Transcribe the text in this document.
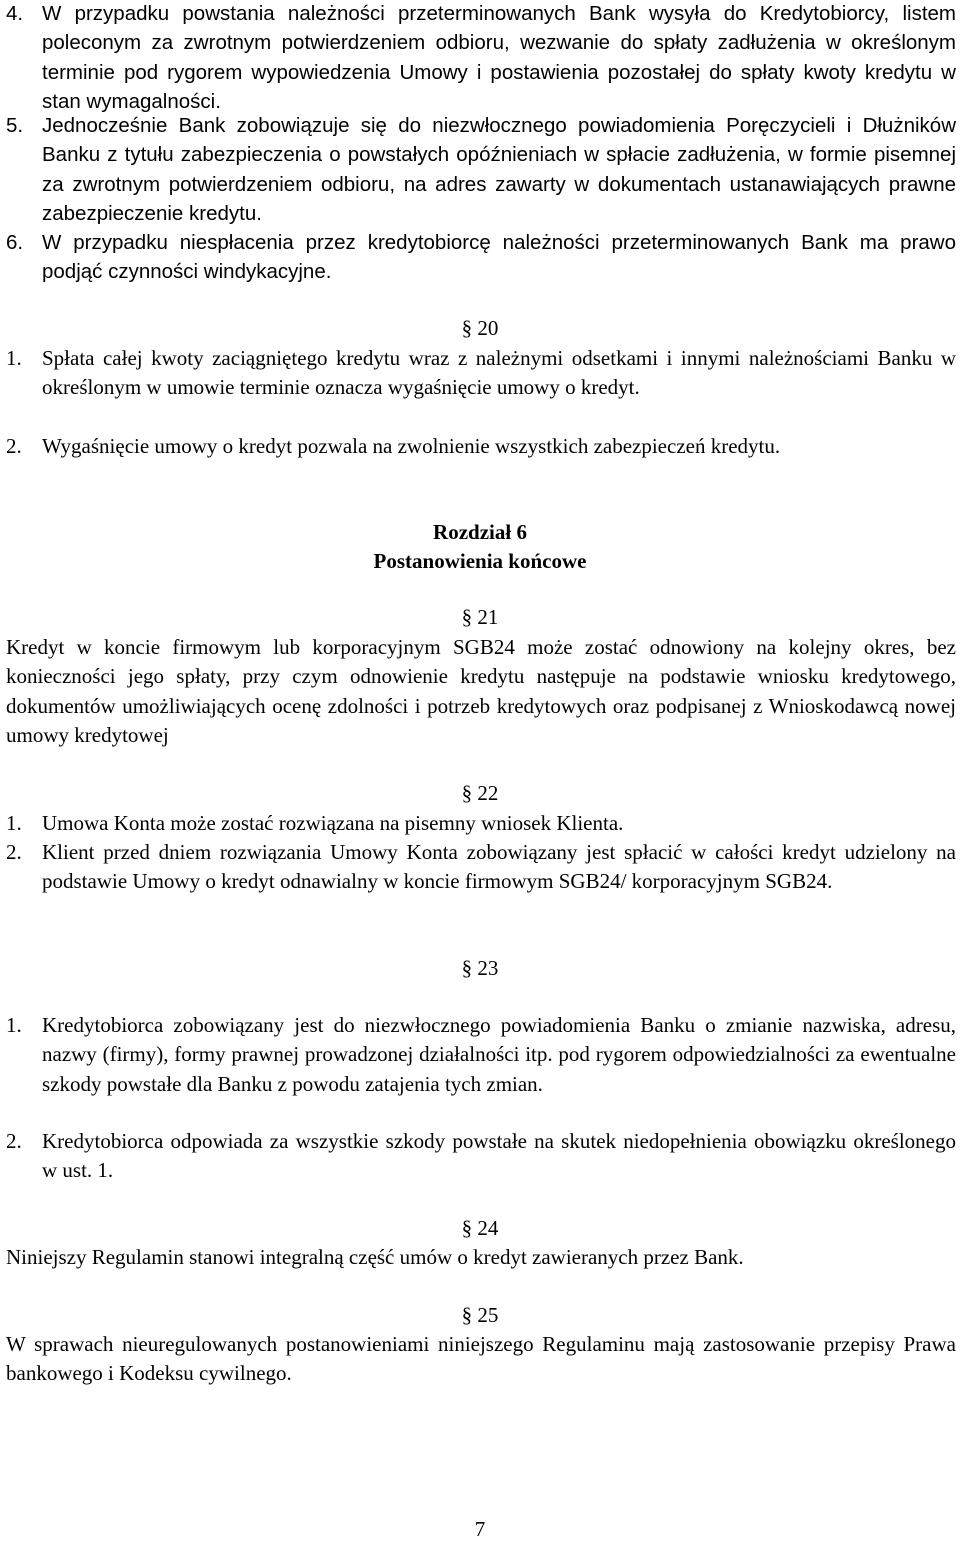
4. W przypadku powstania należności przeterminowanych Bank wysyła do Kredytobiorcy, listem poleconym za zwrotnym potwierdzeniem odbioru, wezwanie do spłaty zadłużenia w określonym terminie pod rygorem wypowiedzenia Umowy i postawienia pozostałej do spłaty kwoty kredytu w stan wymagalności.
5. Jednocześnie Bank zobowiązuje się do niezwłocznego powiadomienia Poręczycieli i Dłużników Banku z tytułu zabezpieczenia o powstałych opóźnieniach w spłacie zadłużenia, w formie pisemnej za zwrotnym potwierdzeniem odbioru, na adres zawarty w dokumentach ustanawiających prawne zabezpieczenie kredytu.
6. W przypadku niespłacenia przez kredytobiorcę należności przeterminowanych Bank ma prawo podjąć czynności windykacyjne.
§ 20
1. Spłata całej kwoty zaciągniętego kredytu wraz z należnymi odsetkami i innymi należnościami Banku w określonym w umowie terminie oznacza wygaśnięcie umowy o kredyt.
2. Wygaśnięcie umowy o kredyt pozwala na zwolnienie wszystkich zabezpieczeń kredytu.
Rozdział 6
Postanowienia końcowe
§ 21
Kredyt w koncie firmowym lub korporacyjnym SGB24 może zostać odnowiony na kolejny okres, bez konieczności jego spłaty, przy czym odnowienie kredytu następuje na podstawie wniosku kredytowego, dokumentów umożliwiających ocenę zdolności i potrzeb kredytowych oraz podpisanej z Wnioskodawcą nowej umowy kredytowej
§ 22
1. Umowa Konta może zostać rozwiązana na pisemny wniosek Klienta.
2. Klient przed dniem rozwiązania Umowy Konta zobowiązany jest spłacić w całości kredyt udzielony na podstawie Umowy o kredyt odnawialny w koncie firmowym SGB24/ korporacyjnym SGB24.
§ 23
1. Kredytobiorca zobowiązany jest do niezwłocznego powiadomienia Banku o zmianie nazwiska, adresu, nazwy (firmy), formy prawnej prowadzonej działalności itp. pod rygorem odpowiedzialności za ewentualne szkody powstałe dla Banku z powodu zatajenia tych zmian.
2. Kredytobiorca odpowiada za wszystkie szkody powstałe na skutek niedopełnienia obowiązku określonego w ust. 1.
§ 24
Niniejszy Regulamin stanowi integralną część umów o kredyt zawieranych przez Bank.
§ 25
W sprawach nieuregulowanych postanowieniami niniejszego Regulaminu mają zastosowanie przepisy Prawa bankowego i Kodeksu cywilnego.
7
